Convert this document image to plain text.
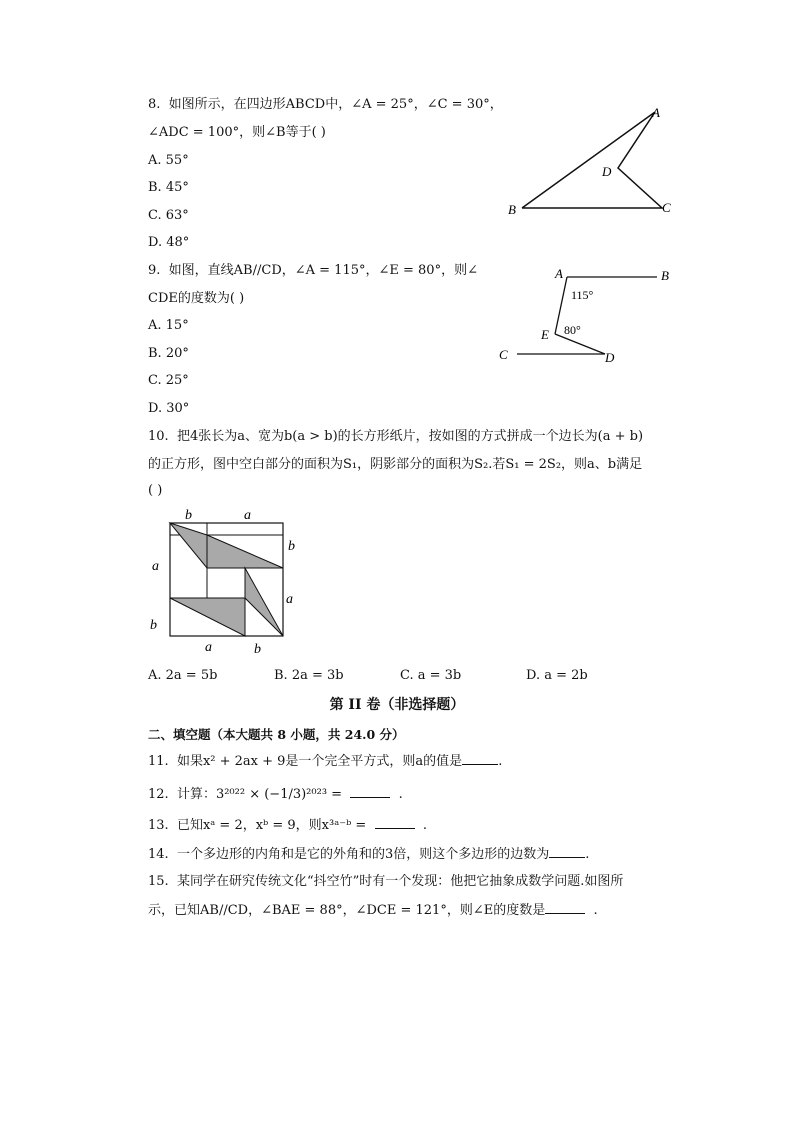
8. 如图所示，在四边形ABCD中，∠A = 25°，∠C = 30°，
∠ADC = 100°，则∠B等于( )
A. 55°
B. 45°
C. 63°
D. 48°
A
B	C
D
9. 如图，直线AB//CD，∠A = 115°，∠E = 80°，则∠
CDE的度数为( )
A. 15°
B. 20°
C. 25°
D. 30°
A	B
C	D
E
115°
80°
10. 把4张长为a、宽为b(a > b)的长方形纸片，按如图的方式拼成一个边长为(a + b)
的正方形，图中空白部分的面积为S₁，阴影部分的面积为S₂.若S₁ = 2S₂，则a、b满足
( )
b	a
b
a
a
b
a	b
A. 2a = 5b	B. 2a = 3b	C. a = 3b	D. a = 2b
第 II 卷（非选择题）
二、填空题（本大题共 8 小题，共 24.0 分）
11. 如果x² + 2ax + 9是一个完全平方式，则a的值是	.
12. 计算：3²⁰²² × (−1/3)²⁰²³ =	.
13. 已知xᵃ = 2，xᵇ = 9，则x³ᵃ⁻ᵇ =	.
14. 一个多边形的内角和是它的外角和的3倍，则这个多边形的边数为	.
15. 某同学在研究传统文化“抖空竹”时有一个发现：他把它抽象成数学问题.如图所
示，已知AB//CD，∠BAE = 88°，∠DCE = 121°，则∠E的度数是	.
